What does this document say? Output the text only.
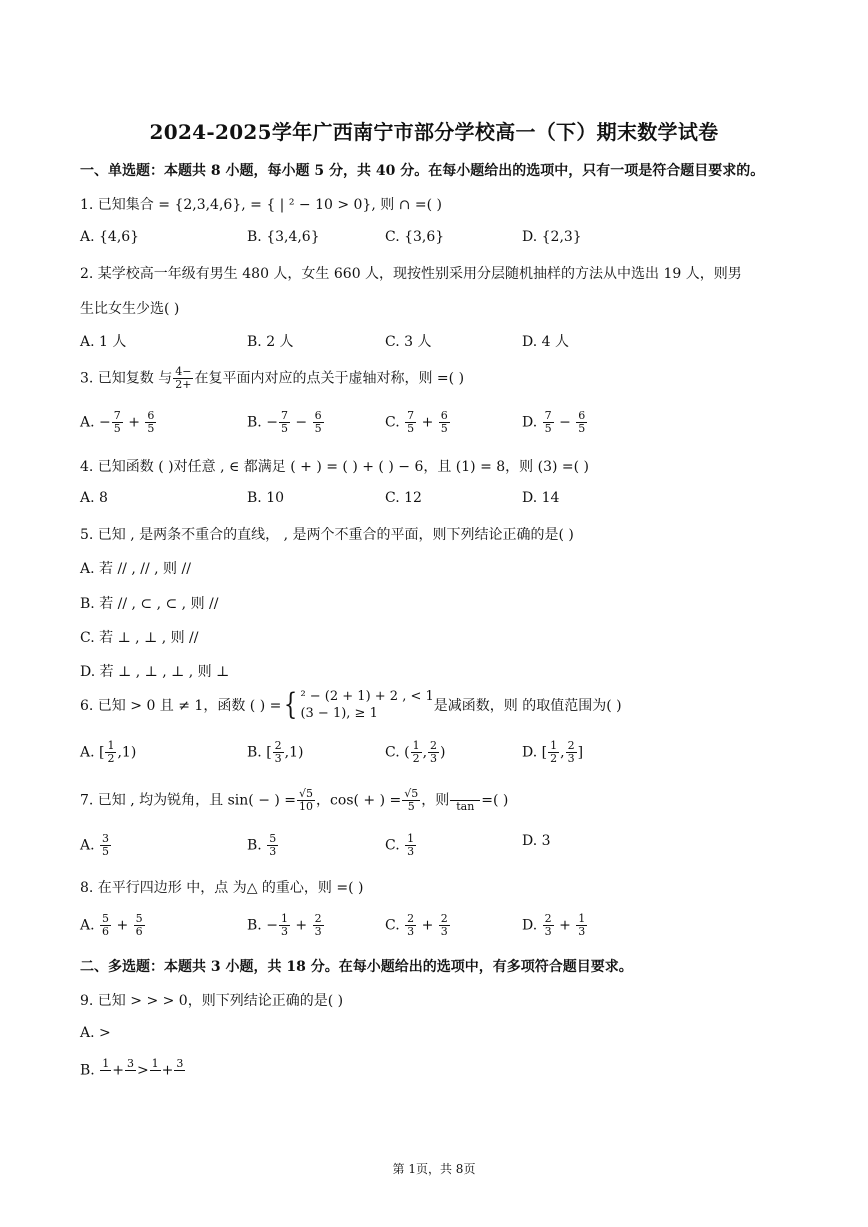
2024-2025学年广西南宁市部分学校高一（下）期末数学试卷
一、单选题：本题共 8 小题，每小题 5 分，共 40 分。在每小题给出的选项中，只有一项是符合题目要求的。
1. 已知集合 = {2,3,4,6}, = { | ² − 10 > 0}, 则 ∩ =( )
A. {4,6}	B. {3,4,6}	C. {3,6}	D. {2,3}
2. 某学校高一年级有男生 480 人，女生 660 人，现按性别采用分层随机抽样的方法从中选出 19 人，则男
生比女生少选( )
A. 1 人	B. 2 人	C. 3 人	D. 4 人
3. 已知复数 与 $\frac{4-}{2+}$ 在复平面内对应的点关于虚轴对称，则 =( )
A. − $\frac{7}{5} + \frac{6}{5}$	B. − $\frac{7}{5} - \frac{6}{5}$	C. $\frac{7}{5} + \frac{6}{5}$	D. $\frac{7}{5} - \frac{6}{5}$
4. 已知函数 ( )对任意 , ∈ 都满足 ( + ) = ( ) + ( ) − 6，且 (1) = 8，则 (3) =( )
A. 8	B. 10	C. 12	D. 14
5. 已知 , 是两条不重合的直线， , 是两个不重合的平面，则下列结论正确的是( )
A. 若 // , // , 则 //
B. 若 // , ⊂ , ⊂ , 则 //
C. 若 ⊥ , ⊥ , 则 //
D. 若 ⊥ , ⊥ , ⊥ , 则 ⊥
6. 已知 > 0 且 ≠ 1，函数 ( ) ={ ² − (2 + 1) + 2 , < 1
(3 − 1), ≥ 1	是减函数，则 的取值范围为( )
A. [ $\frac{1}{2} ,1$)	B. [ $\frac{2}{3} ,1$)	C. ( $\frac{1}{2}$ , $\frac{2}{3}$ )	D. [ $\frac{1}{2}$ , $\frac{2}{3}$ ]
7. 已知 , 均为锐角，且 sin( − ) = $\frac{√5}{10}$ ，cos( + ) = $\frac{√5}{5}$ ，则 tan =( )
A. $\frac{3}{5}$	B. $\frac{5}{3}$	C. $\frac{1}{3}$	D. 3
8. 在平行四边形 中，点 为△ 的重心，则 =( )
A. $\frac{5}{6} + \frac{5}{6}$	B. − $\frac{1}{3} + \frac{2}{3}$	C. $\frac{2}{3} + \frac{2}{3}$	D. $\frac{2}{3} + \frac{1}{3}$
二、多选题：本题共 3 小题，共 18 分。在每小题给出的选项中，有多项符合题目要求。
9. 已知 > > > 0，则下列结论正确的是( )
A. >
B. 1 + 3 > 1 + 3
第 1页，共 8页
